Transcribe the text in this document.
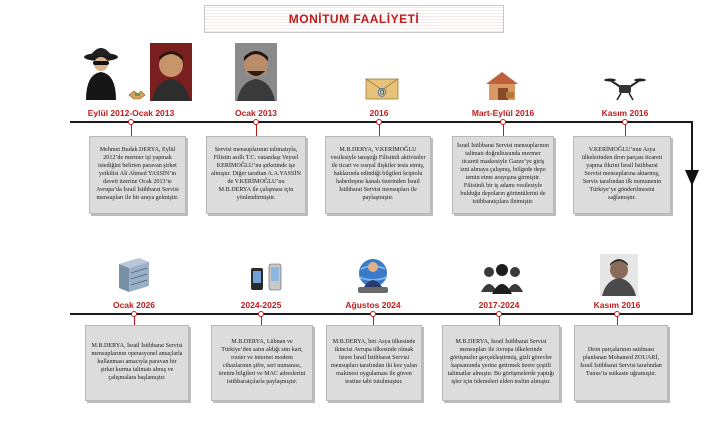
MONİTUM FAALİYETİ
Eylül 2012-Ocak 2013
Mehmet Budak DERYA, Eylül 2012’de mermer işi yapmak istediğini belirten paravan şirket yetkilisi Ali Ahmed YASSİN’in daveti üzerine Ocak 2013’te Avrupa’da İsrail İstihbarat Servisi mensupları ile bir araya gelmiştir.
Ocak 2013
Servisi mensuplarının talimatıyla, Filistin asıllı T.C. vatandaşı Veysel KERİMOĞLU’nu şirketinde işe almıştır. Diğer taraftan A.A.YASSİN de V.KERİMOĞLU’nu M.B.DERYA ile çalışması için yönlendirmiştir.
@
2016
M.B.DERYA, V.KERİMOĞLU vesilesiyle tanıştığı Filistinli aktivistler ile ticari ve sosyal ilişkiler tesis etmiş, haklarında edindiği bilgileri kriptolu haberleşme kanalı üzerinden İsrail İstihbarat Servisi mensupları ile paylaşmıştır.
Mart-Eylül 2016
İsrail İstihbarat Servisi mensuplarının talimatı doğrultusunda mermer ticareti maskesiyle Gazze’ye giriş izni almaya çalışmış, bölgede depo temin etme arayışına girmiştir. Filistinli bir iş adamı vesilesiyle bulduğu depoların görüntülerini de istihbaratçılara iletmiştir.
Kasım 2016
V.KERİMOĞLU’nun Asya ülkelerinden dron parçası ticareti yapma fikrini İsrail İstihbarat Servisi mensuplarına aktarmış, Servis tarafından ilk numunenin Türkiye’ye gönderilmesini sağlamıştır.
Ocak 2026
M.B.DERYA, İsrail İstihbarat Servisi mensuplarının operasyonel amaçlarla kullanması amacıyla paravan bir şirket kurma talimatı almış ve çalışmalara başlamıştır.
2024-2025
M.B.DERYA, Lübnan ve Türkiye’den satın aldığı sim kart, router ve internet modem cihazlarının şifre, seri numarası, üretim bilgileri ve MAC adreslerini istihbaratçılarla paylaşmıştır.
Ağustos 2024
M.B.DERYA, biri Asya ülkesinde ikincisi Avrupa ülkesinde olmak üzere İsrail İstihbarat Servisi mensupları tarafından iki kez yalan makinesi uygulaması ile güven testine tabi tutulmuştur.
2017-2024
M.B.DERYA, İsrail İstihbarat Servisi mensupları ile Avrupa ülkelerinde görüşmeler gerçekleştirmiş, gizli görevler kapsamında yerine getirmek üzere çeşitli talimatlar almıştır. Bu görüşmelerde yaptığı işler için ödemeleri elden teslim almıştır.
Kasım 2016
Dron parçalarının satılması planlanan Mohamed ZOUARİ, İsrail İstihbarat Servisi tarafından Tunus’ta suikaste uğramıştır.
